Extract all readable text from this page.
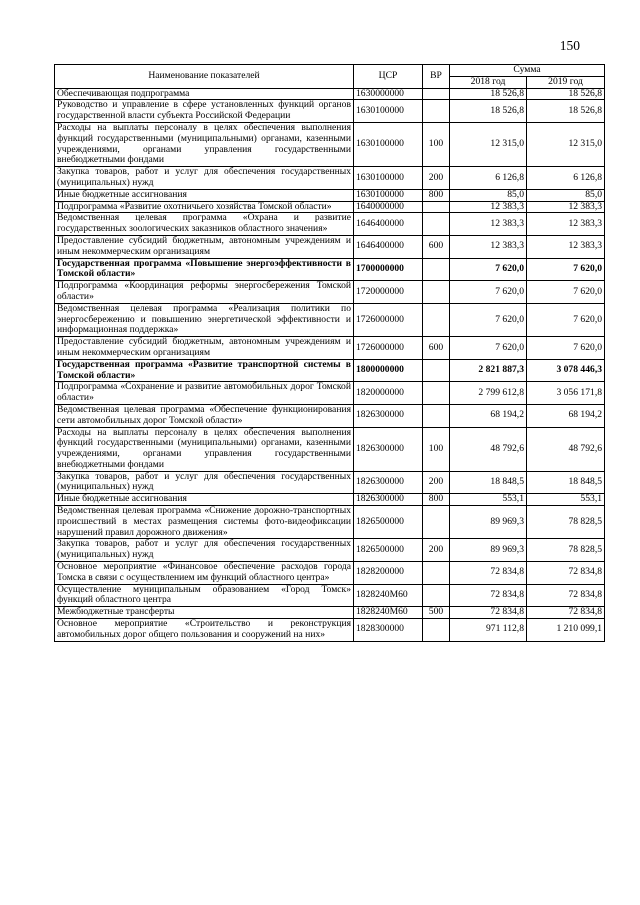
150
Наименование показателей	ЦСР	ВР	Сумма	
			2018 год	2019 год
Обеспечивающая подпрограмма	1630000000		18 526,8	18 526,8
Руководство и управление в сфере установленных функций органов государственной власти субъекта Российской Федерации	1630100000		18 526,8	18 526,8
Расходы на выплаты персоналу в целях обеспечения выполнения функций государственными (муниципальными) органами, казенными учреждениями, органами управления государственными внебюджетными фондами	1630100000	100	12 315,0	12 315,0
Закупка товаров, работ и услуг для обеспечения государственных (муниципальных) нужд	1630100000	200	6 126,8	6 126,8
Иные бюджетные ассигнования	1630100000	800	85,0	85,0
Подпрограмма «Развитие охотничьего хозяйства Томской области»	1640000000		12 383,3	12 383,3
Ведомственная целевая программа «Охрана и развитие государственных зоологических заказников областного значения»	1646400000		12 383,3	12 383,3
Предоставление субсидий бюджетным, автономным учреждениям и иным некоммерческим организациям	1646400000	600	12 383,3	12 383,3
Государственная программа «Повышение энергоэффективности в Томской области»	1700000000		7 620,0	7 620,0
Подпрограмма «Координация реформы энергосбережения Томской области»	1720000000		7 620,0	7 620,0
Ведомственная целевая программа «Реализация политики по энергосбережению и повышению энергетической эффективности и информационная поддержка»	1726000000		7 620,0	7 620,0
Предоставление субсидий бюджетным, автономным учреждениям и иным некоммерческим организациям	1726000000	600	7 620,0	7 620,0
Государственная программа «Развитие транспортной системы в Томской области»	1800000000		2 821 887,3	3 078 446,3
Подпрограмма «Сохранение и развитие автомобильных дорог Томской области»	1820000000		2 799 612,8	3 056 171,8
Ведомственная целевая программа «Обеспечение функционирования сети автомобильных дорог Томской области»	1826300000		68 194,2	68 194,2
Расходы на выплаты персоналу в целях обеспечения выполнения функций государственными (муниципальными) органами, казенными учреждениями, органами управления государственными внебюджетными фондами	1826300000	100	48 792,6	48 792,6
Закупка товаров, работ и услуг для обеспечения государственных (муниципальных) нужд	1826300000	200	18 848,5	18 848,5
Иные бюджетные ассигнования	1826300000	800	553,1	553,1
Ведомственная целевая программа «Снижение дорожно-транспортных происшествий в местах размещения системы фото-видеофиксации нарушений правил дорожного движения»	1826500000		89 969,3	78 828,5
Закупка товаров, работ и услуг для обеспечения государственных (муниципальных) нужд	1826500000	200	89 969,3	78 828,5
Основное мероприятие «Финансовое обеспечение расходов города Томска в связи с осуществлением им функций областного центра»	1828200000		72 834,8	72 834,8
Осуществление муниципальным образованием «Город Томск» функций областного центра	1828240М60		72 834,8	72 834,8
Межбюджетные трансферты	1828240М60	500	72 834,8	72 834,8
Основное мероприятие «Строительство и реконструкция автомобильных дорог общего пользования и сооружений на них»	1828300000		971 112,8	1 210 099,1
